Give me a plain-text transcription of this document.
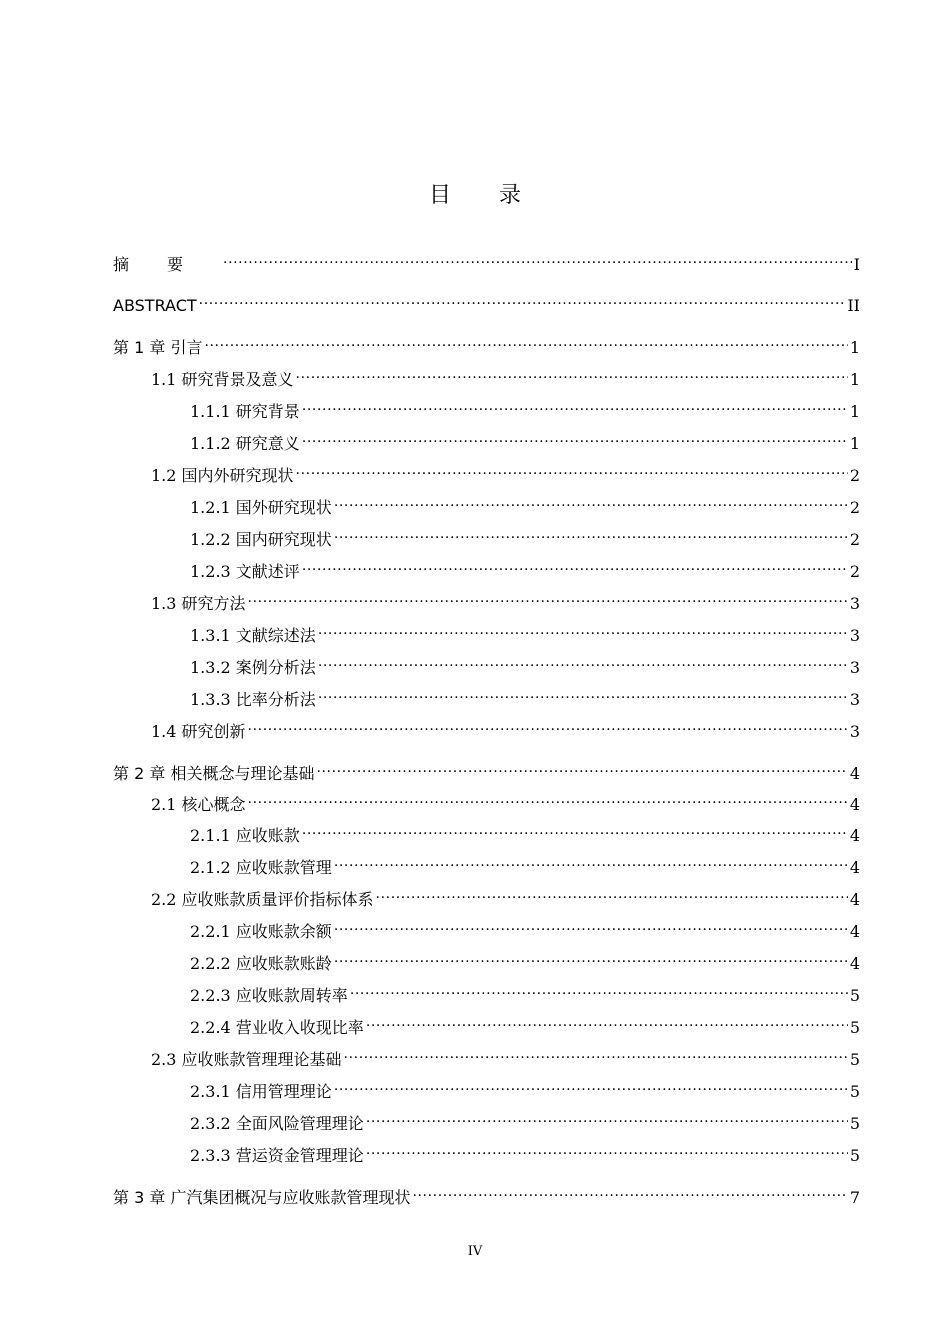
目录
摘要 .....	I
ABSTRACT .....	II
第 1 章 引言 .....	1
1.1 研究背景及意义 .....	1
1.1.1 研究背景 .....	1
1.1.2 研究意义 .....	1
1.2 国内外研究现状 .....	2
1.2.1 国外研究现状 .....	2
1.2.2 国内研究现状 .....	2
1.2.3 文献述评 .....	2
1.3 研究方法 .....	3
1.3.1 文献综述法 .....	3
1.3.2 案例分析法 .....	3
1.3.3 比率分析法 .....	3
1.4 研究创新 .....	3
第 2 章 相关概念与理论基础 .....	4
2.1 核心概念 .....	4
2.1.1 应收账款 .....	4
2.1.2 应收账款管理 .....	4
2.2 应收账款质量评价指标体系 .....	4
2.2.1 应收账款余额 .....	4
2.2.2 应收账款账龄 .....	4
2.2.3 应收账款周转率 .....	5
2.2.4 营业收入收现比率 .....	5
2.3 应收账款管理理论基础 .....	5
2.3.1 信用管理理论 .....	5
2.3.2 全面风险管理理论 .....	5
2.3.3 营运资金管理理论 .....	5
第 3 章 广汽集团概况与应收账款管理现状 .....	7
IV
